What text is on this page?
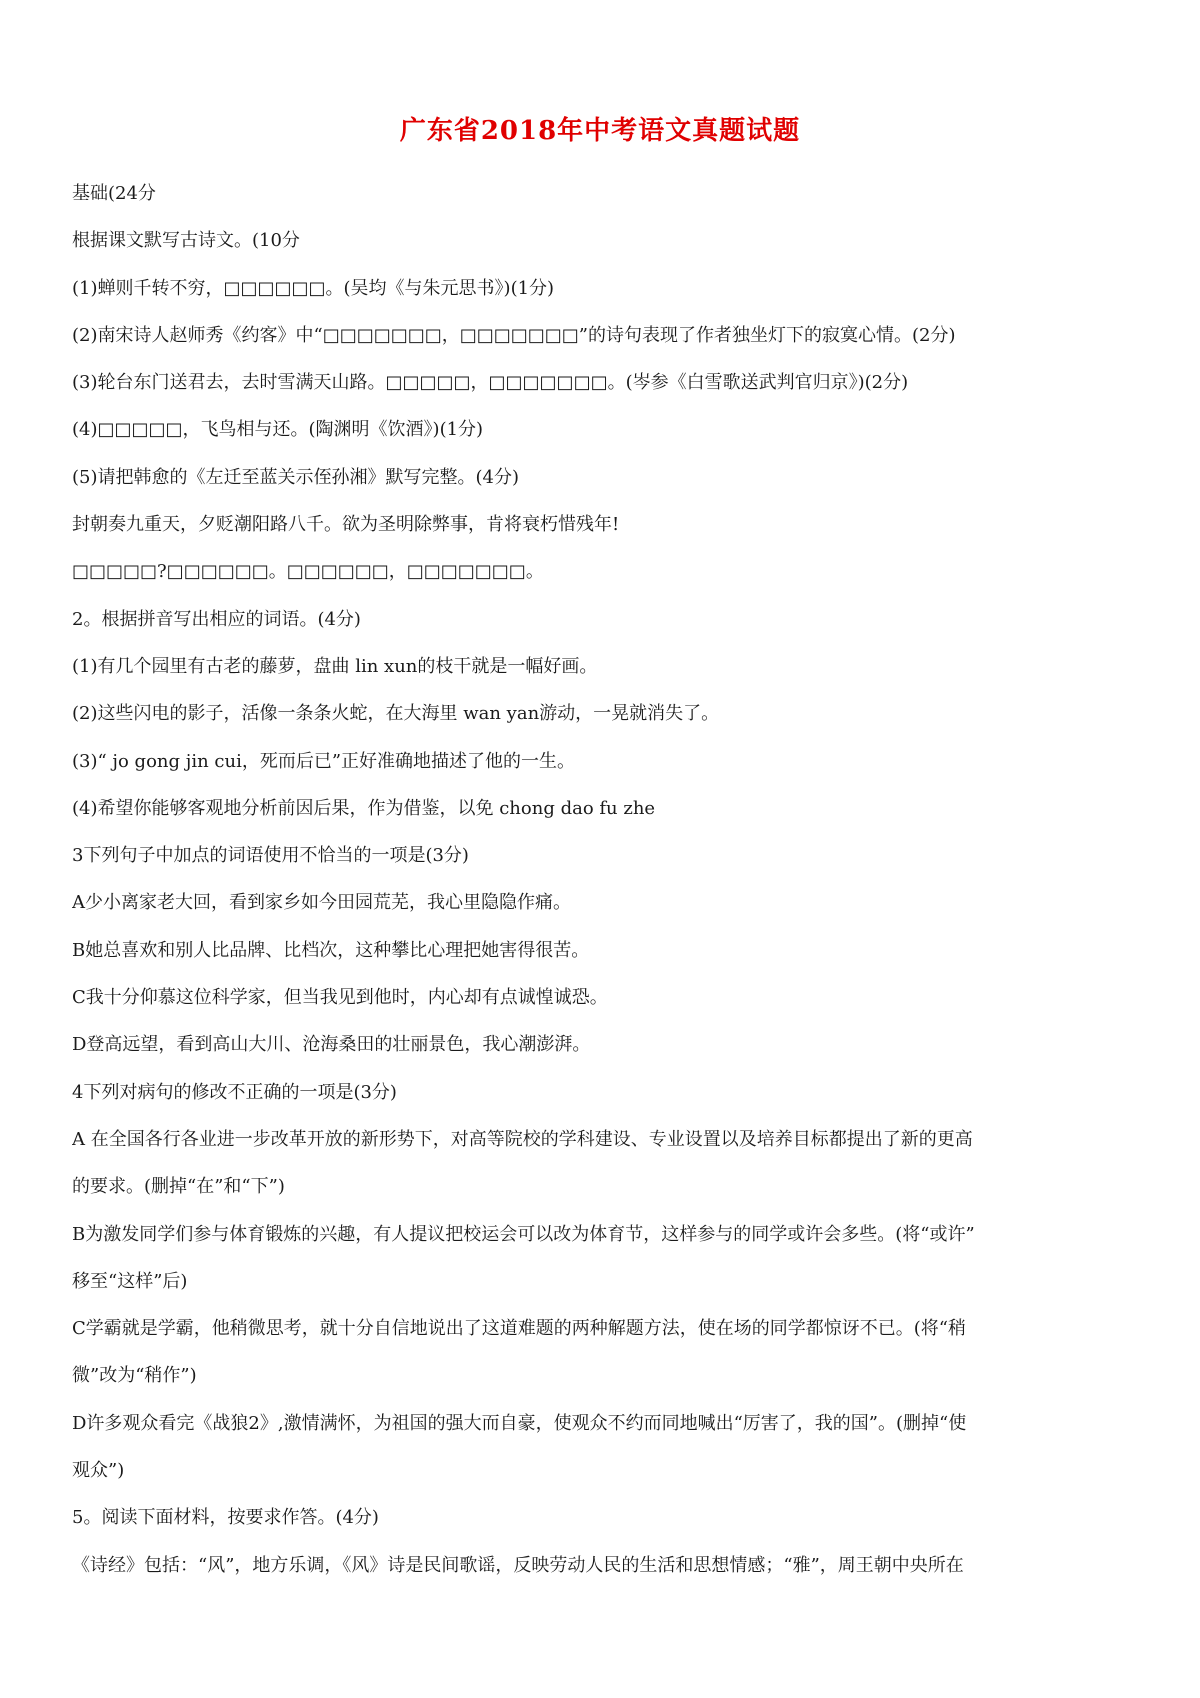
广东省2018年中考语文真题试题
基础(24分
根据课文默写古诗文。(10分
(1)蝉则千转不穷，□□□□□□。(吴均《与朱元思书》)(1分)
(2)南宋诗人赵师秀《约客》中“□□□□□□□，□□□□□□□”的诗句表现了作者独坐灯下的寂寞心情。(2分)
(3)轮台东门送君去，去时雪满天山路。□□□□□，□□□□□□□。(岑参《白雪歌送武判官归京》)(2分)
(4)□□□□□，飞鸟相与还。(陶渊明《饮酒》)(1分)
(5)请把韩愈的《左迁至蓝关示侄孙湘》默写完整。(4分)
封朝奏九重天，夕贬潮阳路八千。欲为圣明除弊事，肯将衰朽惜残年!
□□□□□?□□□□□□。□□□□□□，□□□□□□□。
2。根据拼音写出相应的词语。(4分)
(1)有几个园里有古老的藤萝，盘曲 lin xun的枝干就是一幅好画。
(2)这些闪电的影子，活像一条条火蛇，在大海里 wan yan游动，一晃就消失了。
(3)“ jo gong jin cui，死而后已”正好准确地描述了他的一生。
(4)希望你能够客观地分析前因后果，作为借鉴，以免 chong dao fu zhe
3下列句子中加点的词语使用不恰当的一项是(3分)
A少小离家老大回，看到家乡如今田园荒芜，我心里隐隐作痛。
B她总喜欢和别人比品牌、比档次，这种攀比心理把她害得很苦。
C我十分仰慕这位科学家，但当我见到他时，内心却有点诚惶诚恐。
D登高远望，看到高山大川、沧海桑田的壮丽景色，我心潮澎湃。
4下列对病句的修改不正确的一项是(3分)
A 在全国各行各业进一步改革开放的新形势下，对高等院校的学科建设、专业设置以及培养目标都提出了新的更高
的要求。(删掉“在”和“下”)
B为激发同学们参与体育锻炼的兴趣，有人提议把校运会可以改为体育节，这样参与的同学或许会多些。(将“或许”
移至“这样”后)
C学霸就是学霸，他稍微思考，就十分自信地说出了这道难题的两种解题方法，使在场的同学都惊讶不已。(将“稍
微”改为“稍作”)
D许多观众看完《战狼2》,激情满怀，为祖国的强大而自豪，使观众不约而同地喊出“厉害了，我的国”。(删掉“使
观众”)
5。阅读下面材料，按要求作答。(4分)
《诗经》包括：“风”，地方乐调，《风》诗是民间歌谣，反映劳动人民的生活和思想情感；“雅”，周王朝中央所在
